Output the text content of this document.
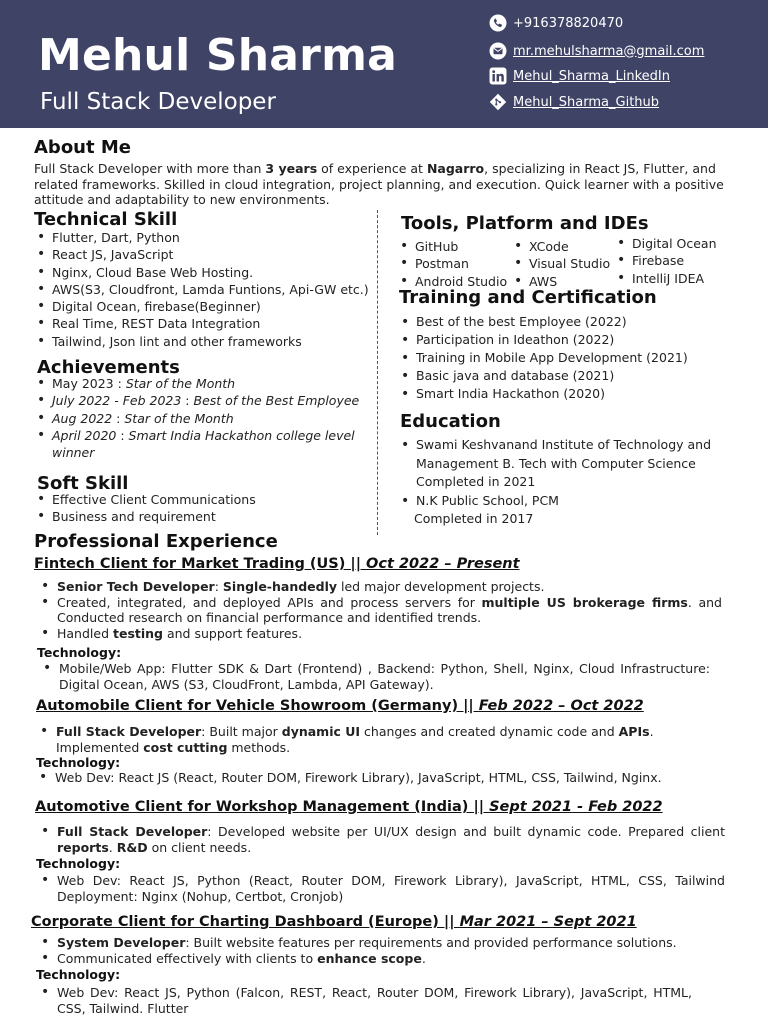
Mehul Sharma
Full Stack Developer
+916378820470
mr.mehulsharma@gmail.com
Mehul_Sharma_LinkedIn
Mehul_Sharma_Github
About Me
Full Stack Developer with more than 3 years of experience at Nagarro, specializing in React JS, Flutter, and related frameworks. Skilled in cloud integration, project planning, and execution. Quick learner with a positive attitude and adaptability to new environments.
Technical Skill
• Flutter, Dart, Python
• React JS, JavaScript
• Nginx, Cloud Base Web Hosting.
• AWS(S3, Cloudfront, Lamda Funtions, Api-GW etc.)
• Digital Ocean, firebase(Beginner)
• Real Time, REST Data Integration
• Tailwind, Json lint and other frameworks
Achievements
• May 2023 : Star of the Month
• July 2022 - Feb 2023 : Best of the Best Employee
• Aug 2022 : Star of the Month
• April 2020 : Smart India Hackathon college level winner
Soft Skill
• Effective Client Communications
• Business and requirement
Tools, Platform and IDEs
• GitHub
• Postman
• Android Studio
• XCode
• Visual Studio
• AWS
• Digital Ocean
• Firebase
• IntelliJ IDEA
Training and Certification
• Best of the best Employee (2022)
• Participation in Ideathon (2022)
• Training in Mobile App Development (2021)
• Basic java and database (2021)
• Smart India Hackathon (2020)
Education
• Swami Keshvanand Institute of Technology and
Management B. Tech with Computer Science
Completed in 2021
• N.K Public School, PCM
Completed in 2017
Professional Experience
Fintech Client for Market Trading (US) || Oct 2022 – Present
• Senior Tech Developer: Single-handedly led major development projects.
• Created, integrated, and deployed APIs and process servers for multiple US brokerage firms. and Conducted research on financial performance and identified trends.
• Handled testing and support features.
Technology:
• Mobile/Web App: Flutter SDK & Dart (Frontend) , Backend: Python, Shell, Nginx, Cloud Infrastructure: Digital Ocean, AWS (S3, CloudFront, Lambda, API Gateway).
Automobile Client for Vehicle Showroom (Germany) || Feb 2022 – Oct 2022
• Full Stack Developer: Built major dynamic UI changes and created dynamic code and APIs. Implemented cost cutting methods.
Technology:
• Web Dev: React JS (React, Router DOM, Firework Library), JavaScript, HTML, CSS, Tailwind, Nginx.
Automotive Client for Workshop Management (India) || Sept 2021 - Feb 2022
• Full Stack Developer: Developed website per UI/UX design and built dynamic code. Prepared client reports. R&D on client needs.
Technology:
• Web Dev: React JS, Python (React, Router DOM, Firework Library), JavaScript, HTML, CSS, Tailwind Deployment: Nginx (Nohup, Certbot, Cronjob)
Corporate Client for Charting Dashboard (Europe) || Mar 2021 – Sept 2021
• System Developer: Built website features per requirements and provided performance solutions.
• Communicated effectively with clients to enhance scope.
Technology:
• Web Dev: React JS, Python (Falcon, REST, React, Router DOM, Firework Library), JavaScript, HTML, CSS, Tailwind. Flutter
